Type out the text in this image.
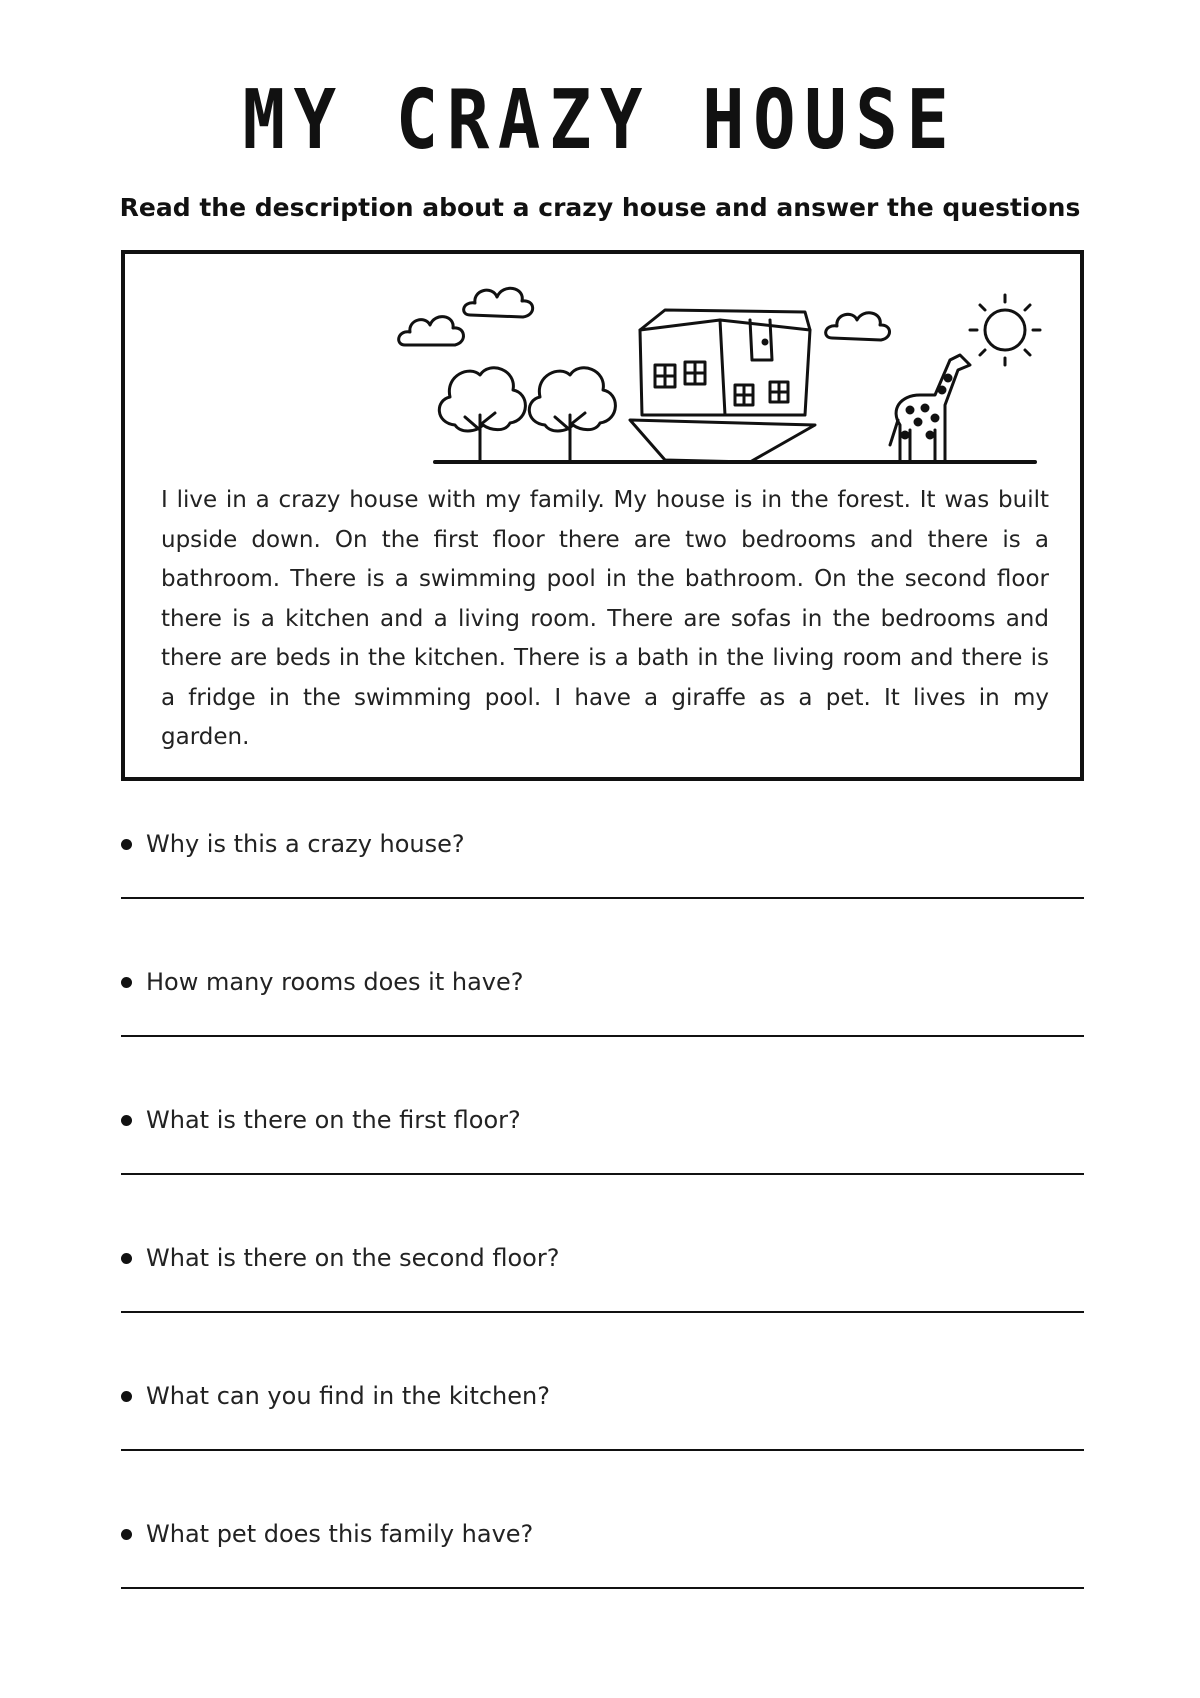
MY CRAZY HOUSE
Read the description about a crazy house and answer the questions

I live in a crazy house with my family. My house is in the forest. It was built upside down. On the first floor there are two bedrooms and there is a bathroom. There is a swimming pool in the bathroom. On the second floor there is a kitchen and a living room. There are sofas in the bedrooms and there are beds in the kitchen. There is a bath in the living room and there is a fridge in the swimming pool. I have a giraffe as a pet. It lives in my garden.

Why is this a crazy house?
How many rooms does it have?
What is there on the first floor?
What is there on the second floor?
What can you find in the kitchen?
What pet does this family have?
